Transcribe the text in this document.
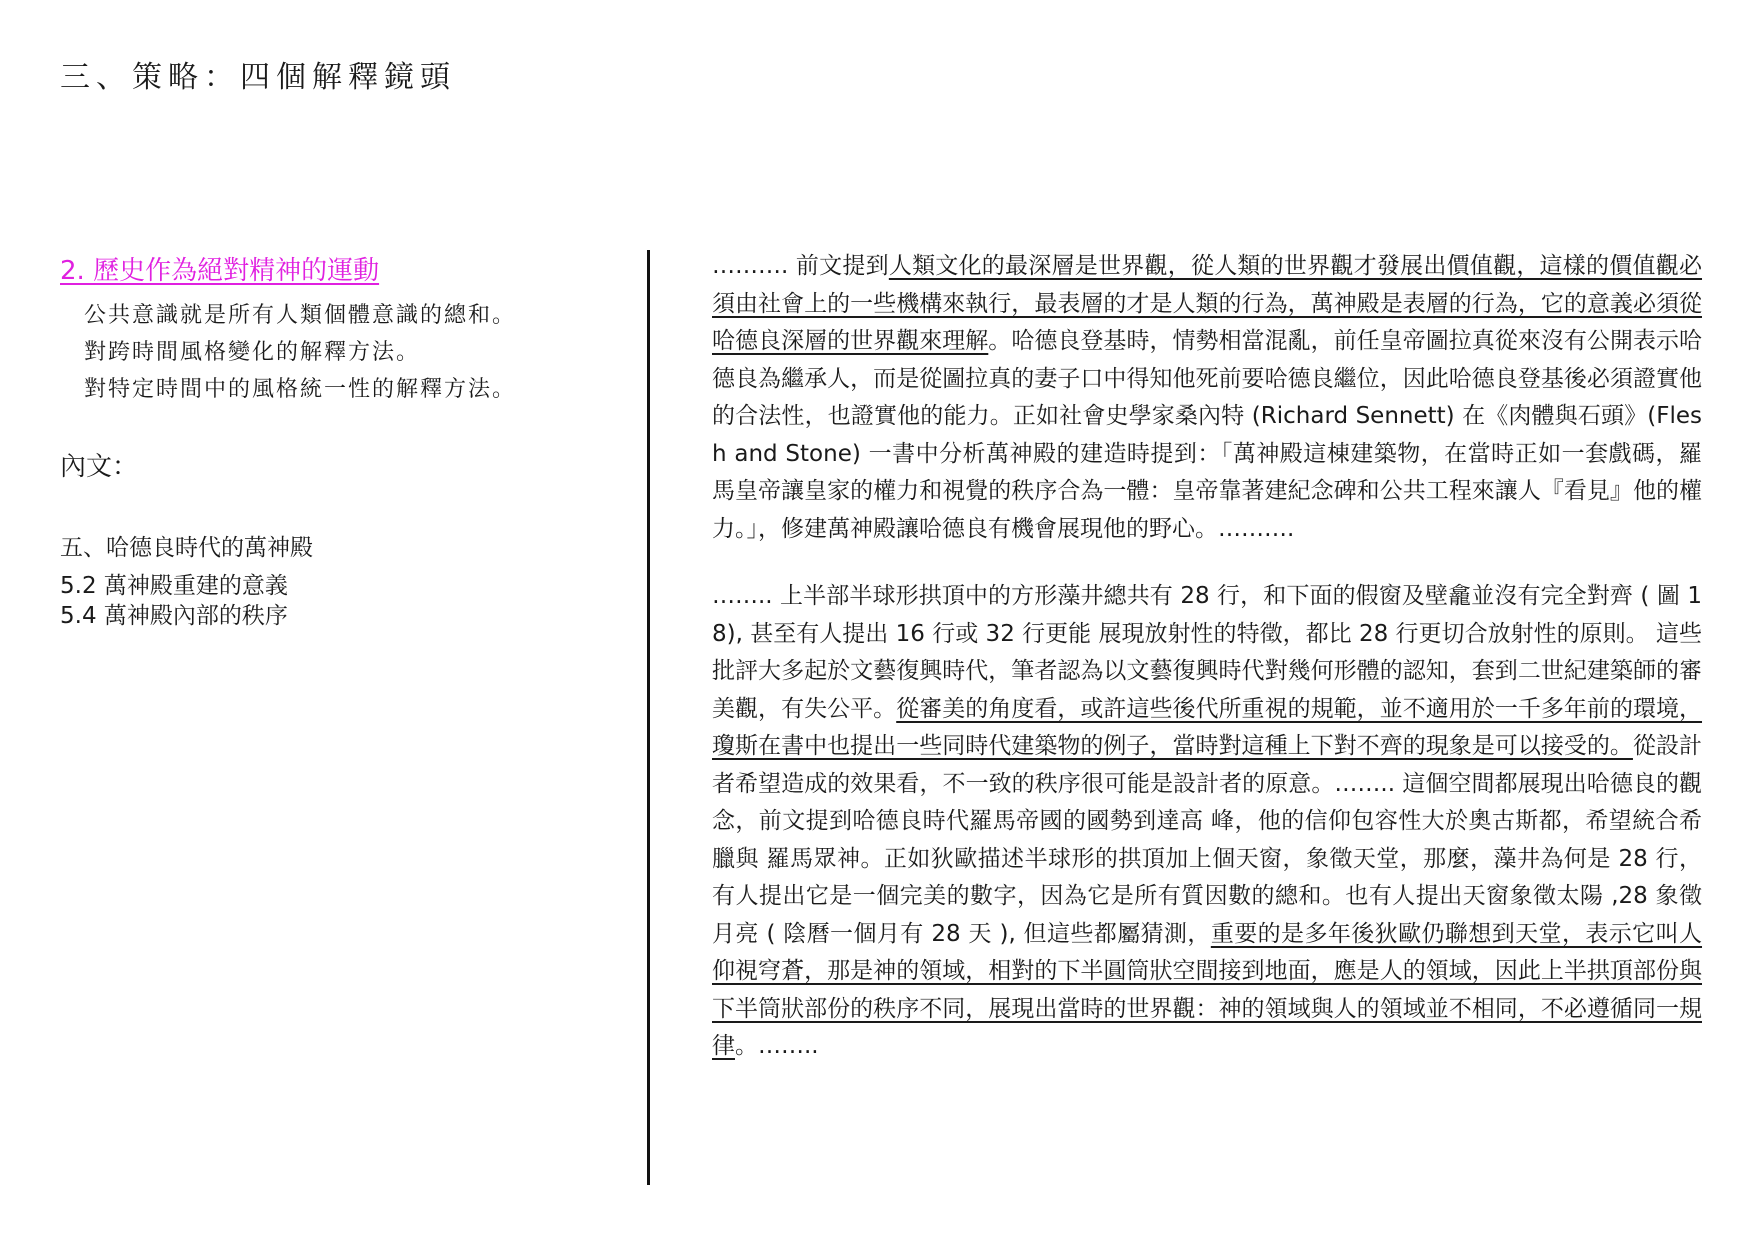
三、策略：四個解釋鏡頭
2. 歷史作為絕對精神的運動
公共意識就是所有人類個體意識的總和。
對跨時間風格變化的解釋方法。
對特定時間中的風格統一性的解釋方法。
內文：
五、哈德良時代的萬神殿
5.2 萬神殿重建的意義
5.4 萬神殿內部的秩序

………. 前文提到人類文化的最深層是世界觀，從人類的世界觀才發展出價值觀，這樣的價值觀必須由社會上的一些機構來執行，最表層的才是人類的行為，萬神殿是表層的行為，它的意義必須從哈德良深層的世界觀來理解。哈德良登基時，情勢相當混亂，前任皇帝圖拉真從來沒有公開表示哈德良為繼承人，而是從圖拉真的妻子口中得知他死前要哈德良繼位，因此哈德良登基後必須證實他的合法性，也證實他的能力。正如社會史學家桑內特 (Richard Sennett) 在《肉體與石頭》(Flesh and Stone) 一書中分析萬神殿的建造時提到：「萬神殿這棟建築物，在當時正如一套戲碼，羅馬皇帝讓皇家的權力和視覺的秩序合為一體：皇帝靠著建紀念碑和公共工程來讓人『看見』他的權力。」，修建萬神殿讓哈德良有機會展現他的野心。……….

…….. 上半部半球形拱頂中的方形藻井總共有 28 行，和下面的假窗及壁龕並沒有完全對齊 ( 圖 18), 甚至有人提出 16 行或 32 行更能 展現放射性的特徵，都比 28 行更切合放射性的原則。 這些批評大多起於文藝復興時代，筆者認為以文藝復興時代對幾何形體的認知，套到二世紀建築師的審美觀，有失公平。從審美的角度看，或許這些後代所重視的規範，並不適用於一千多年前的環境，瓊斯在書中也提出一些同時代建築物的例子，當時對這種上下對不齊的現象是可以接受的。從設計者希望造成的效果看，不一致的秩序很可能是設計者的原意。…….. 這個空間都展現出哈德良的觀念，前文提到哈德良時代羅馬帝國的國勢到達高 峰，他的信仰包容性大於奧古斯都，希望統合希臘與 羅馬眾神。正如狄歐描述半球形的拱頂加上個天窗，象徵天堂，那麼，藻井為何是 28 行，有人提出它是一個完美的數字，因為它是所有質因數的總和。也有人提出天窗象徵太陽 ,28 象徵月亮 ( 陰曆一個月有 28 天 ), 但這些都屬猜測，重要的是多年後狄歐仍聯想到天堂，表示它叫人仰視穹蒼，那是神的領域，相對的下半圓筒狀空間接到地面，應是人的領域，因此上半拱頂部份與下半筒狀部份的秩序不同，展現出當時的世界觀：神的領域與人的領域並不相同，不必遵循同一規律。……..
